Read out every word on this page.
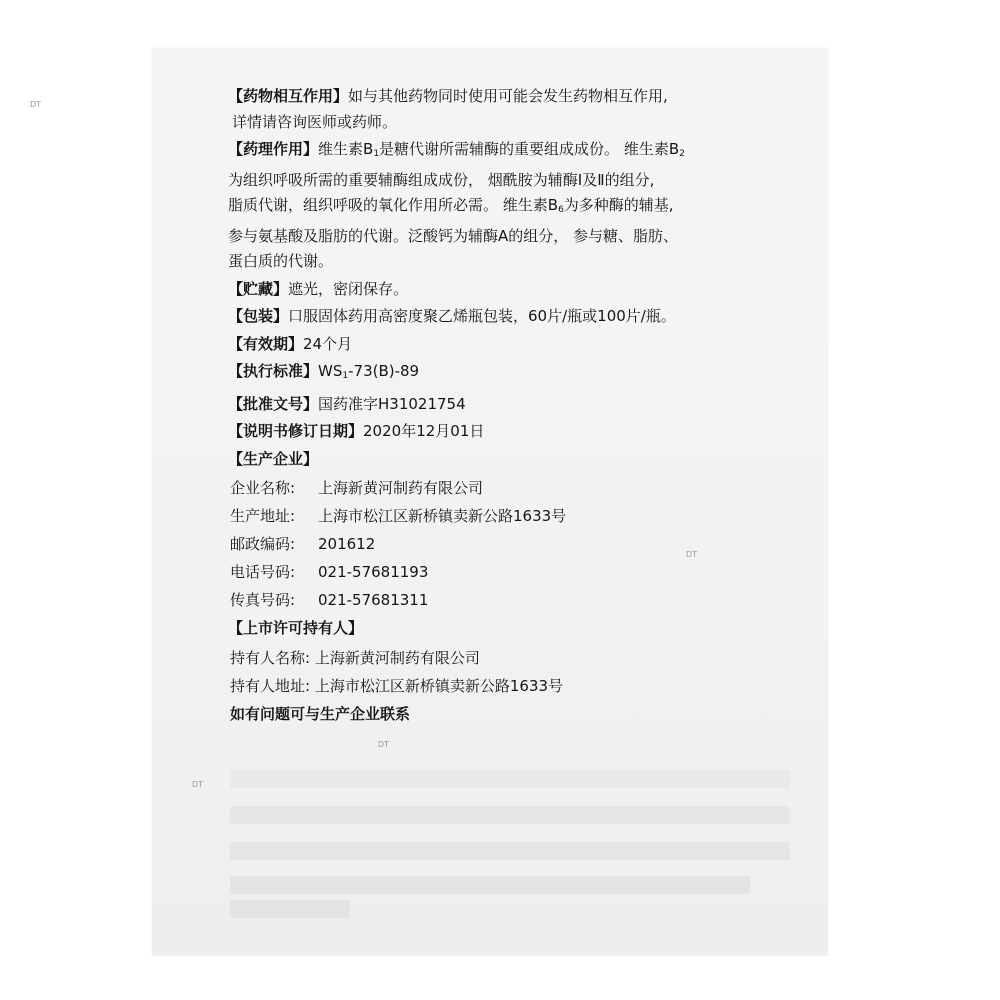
DT
DT
DT
DT

【药物相互作用】如与其他药物同时使用可能会发生药物相互作用,

详情请咨询医师或药师。

【药理作用】维生素$B_1$是糖代谢所需辅酶的重要组成成份。 维生素$B_2$

为组织呼吸所需的重要辅酶组成成份， 烟酰胺为辅酶Ⅰ及Ⅱ的组分,

脂质代谢，组织呼吸的氧化作用所必需。 维生素$B_6$为多种酶的辅基,

参与氨基酸及脂肪的代谢。泛酸钙为辅酶A的组分， 参与糖、脂肪、

蛋白质的代谢。

【贮藏】遮光，密闭保存。

【包装】口服固体药用高密度聚乙烯瓶包装，60片/瓶或100片/瓶。

【有效期】24个月

【执行标准】$WS_1-73(B)-89$

【批准文号】国药准字H31021754

【说明书修订日期】2020年12月01日

【生产企业】

企业名称: 上海新黄河制药有限公司
生产地址: 上海市松江区新桥镇卖新公路1633号
邮政编码: 201612
电话号码: 021-57681193
传真号码: 021-57681311

【上市许可持有人】

持有人名称: 上海新黄河制药有限公司
持有人地址: 上海市松江区新桥镇卖新公路1633号

如有问题可与生产企业联系
